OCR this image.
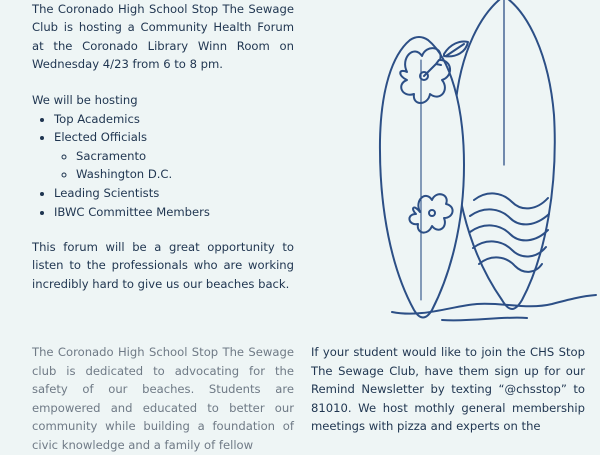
The Coronado High School Stop The Sewage Club is hosting a Community Health Forum at the Coronado Library Winn Room on Wednesday 4/23 from 6 to 8 pm.

We will be hosting

• Top Academics
• Elected Officials
◦ Sacramento
◦ Washington D.C.
• Leading Scientists
• IBWC Committee Members

This forum will be a great opportunity to listen to the professionals who are working incredibly hard to give us our beaches back.

The Coronado High School Stop The Sewage club is dedicated to advocating for the safety of our beaches. Students are empowered and educated to better our community while building a foundation of civic knowledge and a family of fellow

If your student would like to join the CHS Stop The Sewage Club, have them sign up for our Remind Newsletter by texting “@chsstop” to 81010. We host mothly general membership meetings with pizza and experts on the
